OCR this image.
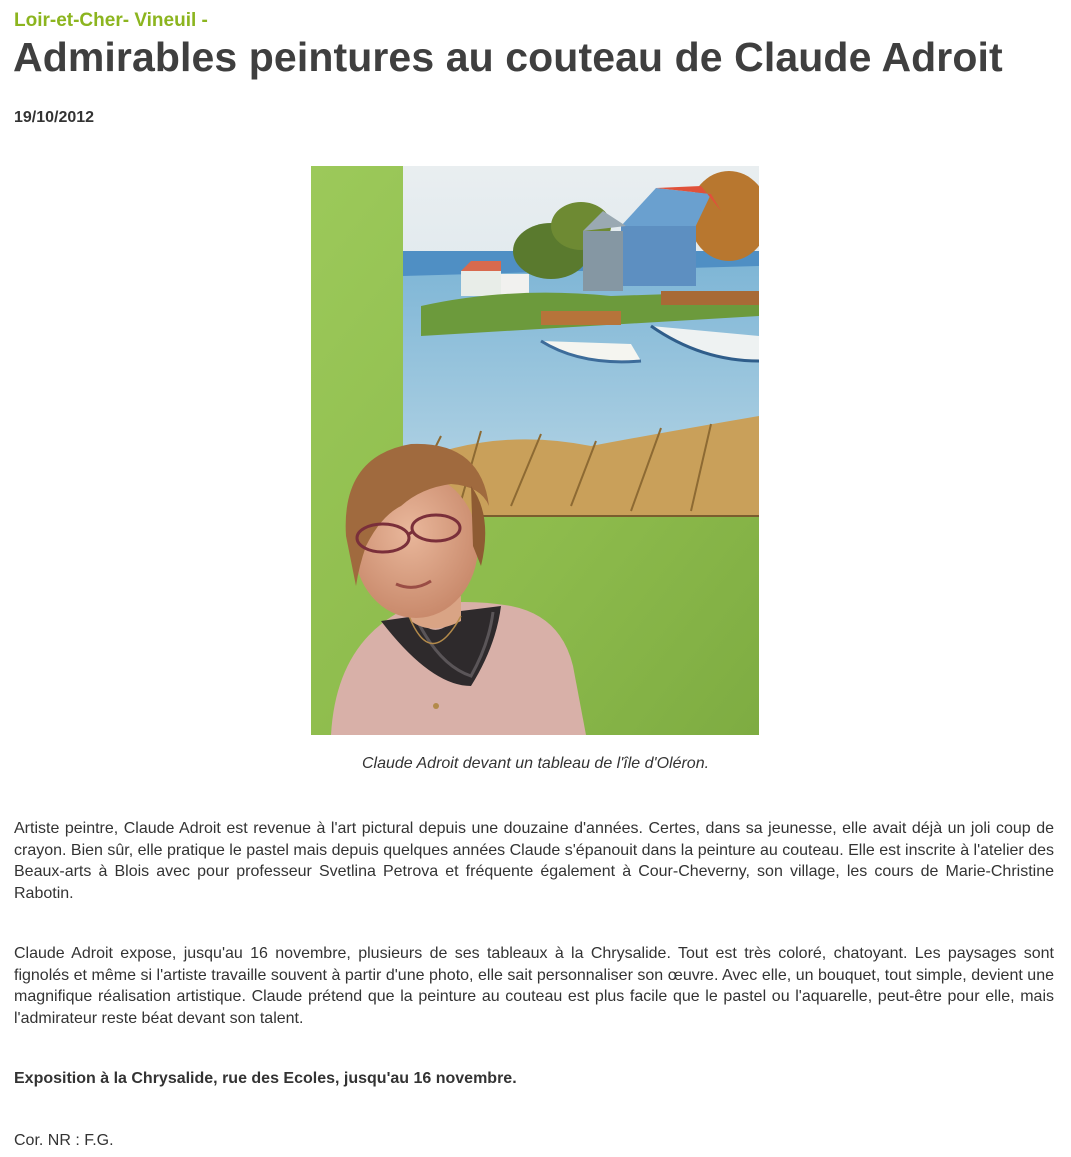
Loir-et-Cher- Vineuil -
Admirables peintures au couteau de Claude Adroit
19/10/2012
Claude Adroit devant un tableau de l'île d'Oléron.

Artiste peintre, Claude Adroit est revenue à l'art pictural depuis une douzaine d'années. Certes, dans sa jeunesse, elle avait déjà un joli coup de crayon. Bien sûr, elle pratique le pastel mais depuis quelques années Claude s'épanouit dans la peinture au couteau. Elle est inscrite à l'atelier des Beaux-arts à Blois avec pour professeur Svetlina Petrova et fréquente également à Cour-Cheverny, son village, les cours de Marie-Christine Rabotin.

Claude Adroit expose, jusqu'au 16 novembre, plusieurs de ses tableaux à la Chrysalide. Tout est très coloré, chatoyant. Les paysages sont fignolés et même si l'artiste travaille souvent à partir d'une photo, elle sait personnaliser son œuvre. Avec elle, un bouquet, tout simple, devient une magnifique réalisation artistique. Claude prétend que la peinture au couteau est plus facile que le pastel ou l'aquarelle, peut-être pour elle, mais l'admirateur reste béat devant son talent.

Exposition à la Chrysalide, rue des Ecoles, jusqu'au 16 novembre.

Cor. NR : F.G.
